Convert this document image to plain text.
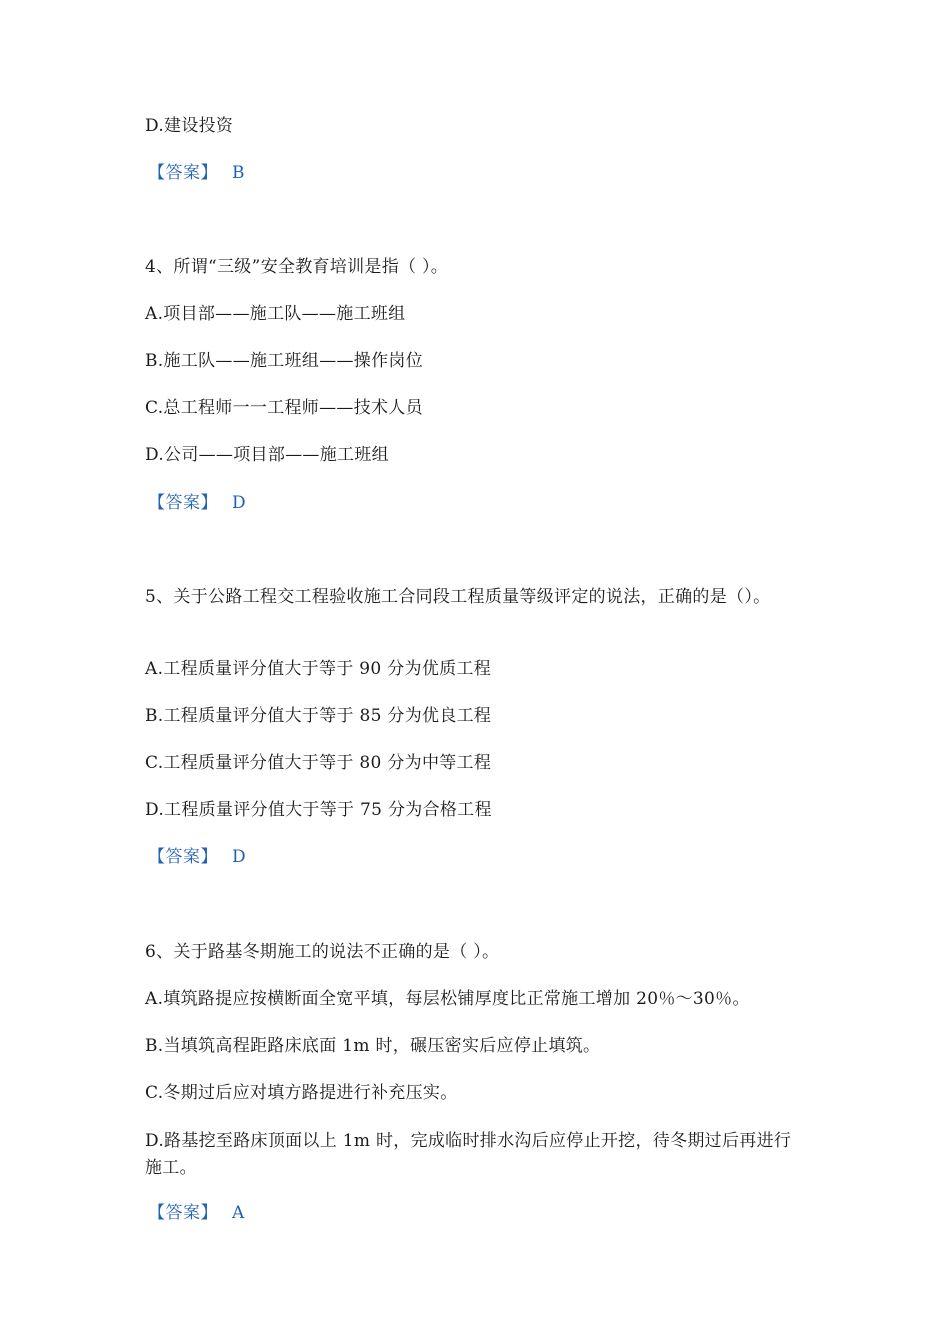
D.建设投资
【答案】 B
4、所谓“三级”安全教育培训是指（ ）。
A.项目部——施工队——施工班组
B.施工队——施工班组——操作岗位
C.总工程师一一工程师——技术人员
D.公司——项目部——施工班组
【答案】 D
5、关于公路工程交工程验收施工合同段工程质量等级评定的说法，正确的是（）。
A.工程质量评分值大于等于 90 分为优质工程
B.工程质量评分值大于等于 85 分为优良工程
C.工程质量评分值大于等于 80 分为中等工程
D.工程质量评分值大于等于 75 分为合格工程
【答案】 D
6、关于路基冬期施工的说法不正确的是（ ）。
A.填筑路提应按横断面全宽平填，每层松铺厚度比正常施工增加 20％～30％。
B.当填筑高程距路床底面 1m 时，碾压密实后应停止填筑。
C.冬期过后应对填方路提进行补充压实。
D.路基挖至路床顶面以上 1m 时，完成临时排水沟后应停止开挖，待冬期过后再进行施工。
【答案】 A
